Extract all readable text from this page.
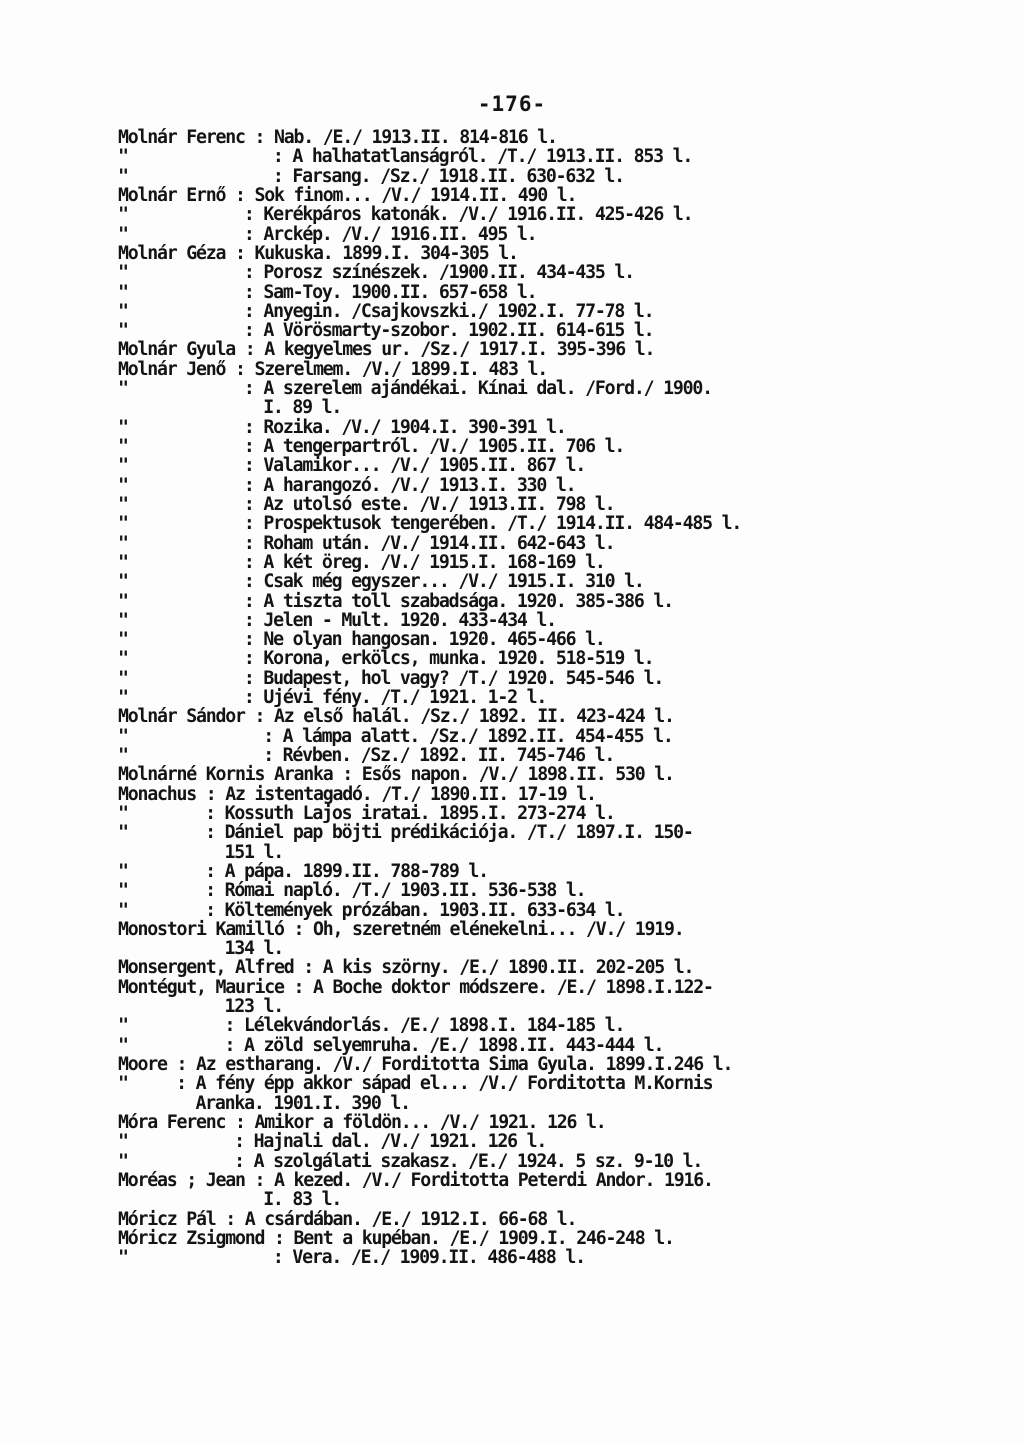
-176-

Molnár Ferenc : Nab. /E./ 1913.II. 814-816 l.
"	: A halhatatlanságról. /T./ 1913.II. 853 l.
"	: Farsang. /Sz./ 1918.II. 630-632 l.
Molnár Ernő : Sok finom... /V./ 1914.II. 490 l.
"	: Kerékpáros katonák. /V./ 1916.II. 425-426 l.
"	: Arckép. /V./ 1916.II. 495 l.
Molnár Géza : Kukuska. 1899.I. 304-305 l.
"	: Porosz színészek. /1900.II. 434-435 l.
"	: Sam-Toy. 1900.II. 657-658 l.
"	: Anyegin. /Csajkovszki./ 1902.I. 77-78 l.
"	: A Vörösmarty-szobor. 1902.II. 614-615 l.
Molnár Gyula : A kegyelmes ur. /Sz./ 1917.I. 395-396 l.
Molnár Jenő : Szerelmem. /V./ 1899.I. 483 l.
"	: A szerelem ajándékai. Kínai dal. /Ford./ 1900.
I. 89 l.
"	: Rozika. /V./ 1904.I. 390-391 l.
"	: A tengerpartról. /V./ 1905.II. 706 l.
"	: Valamikor... /V./ 1905.II. 867 l.
"	: A harangozó. /V./ 1913.I. 330 l.
"	: Az utolsó este. /V./ 1913.II. 798 l.
"	: Prospektusok tengerében. /T./ 1914.II. 484-485 l.
"	: Roham után. /V./ 1914.II. 642-643 l.
"	: A két öreg. /V./ 1915.I. 168-169 l.
"	: Csak még egyszer... /V./ 1915.I. 310 l.
"	: A tiszta toll szabadsága. 1920. 385-386 l.
"	: Jelen - Mult. 1920. 433-434 l.
"	: Ne olyan hangosan. 1920. 465-466 l.
"	: Korona, erkölcs, munka. 1920. 518-519 l.
"	: Budapest, hol vagy? /T./ 1920. 545-546 l.
"	: Ujévi fény. /T./ 1921. 1-2 l.
Molnár Sándor : Az első halál. /Sz./ 1892. II. 423-424 l.
"	: A lámpa alatt. /Sz./ 1892.II. 454-455 l.
"	: Révben. /Sz./ 1892. II. 745-746 l.
Molnárné Kornis Aranka : Esős napon. /V./ 1898.II. 530 l.
Monachus : Az istentagadó. /T./ 1890.II. 17-19 l.
"	: Kossuth Lajos iratai. 1895.I. 273-274 l.
"	: Dániel pap böjti prédikációja. /T./ 1897.I. 150-
151 l.
"	: A pápa. 1899.II. 788-789 l.
"	: Római napló. /T./ 1903.II. 536-538 l.
"	: Költemények prózában. 1903.II. 633-634 l.
Monostori Kamilló : Oh, szeretném elénekelni... /V./ 1919.
134 l.
Monsergent, Alfred : A kis szörny. /E./ 1890.II. 202-205 l.
Montégut, Maurice : A Boche doktor módszere. /E./ 1898.I.122-
123 l.
"	: Lélekvándorlás. /E./ 1898.I. 184-185 l.
"	: A zöld selyemruha. /E./ 1898.II. 443-444 l.
Moore : Az estharang. /V./ Forditotta Sima Gyula. 1899.I.246 l.
"	: A fény épp akkor sápad el... /V./ Forditotta M.Kornis
Aranka. 1901.I. 390 l.
Móra Ferenc : Amikor a földön... /V./ 1921. 126 l.
"	: Hajnali dal. /V./ 1921. 126 l.
"	: A szolgálati szakasz. /E./ 1924. 5 sz. 9-10 l.
Moréas ; Jean : A kezed. /V./ Forditotta Peterdi Andor. 1916.
I. 83 l.
Móricz Pál : A csárdában. /E./ 1912.I. 66-68 l.
Móricz Zsigmond : Bent a kupéban. /E./ 1909.I. 246-248 l.
"	: Vera. /E./ 1909.II. 486-488 l.
